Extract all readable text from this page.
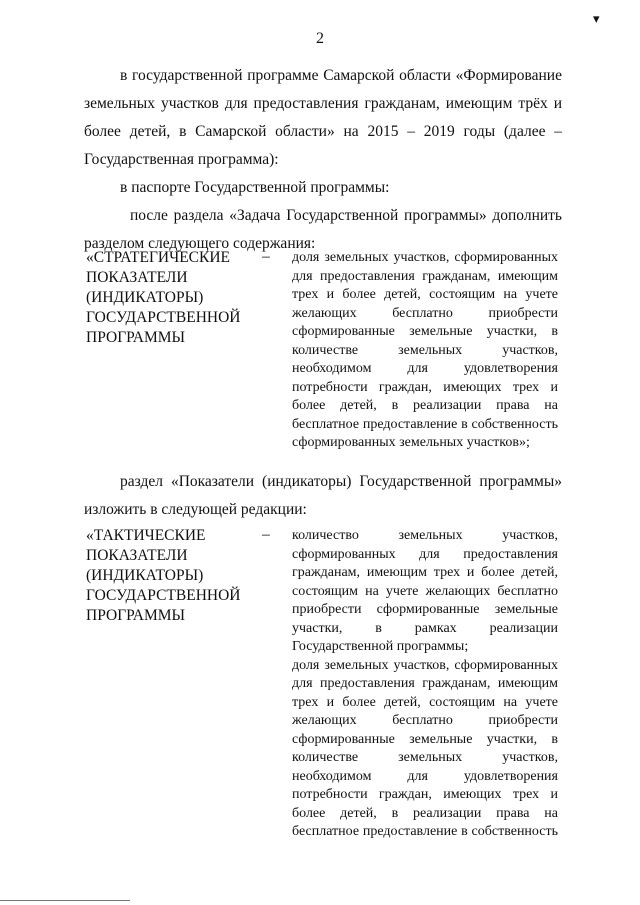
▾
2
в государственной программе Самарской области «Формирование земельных участков для предоставления гражданам, имеющим трёх и более детей, в Самарской области» на 2015 – 2019 годы (далее – Государственная программа):
в паспорте Государственной программы:
после раздела «Задача Государственной программы» дополнить разделом следующего содержания:
«СТРАТЕГИЧЕСКИЕ ПОКАЗАТЕЛИ (ИНДИКАТОРЫ) ГОСУДАРСТВЕННОЙ ПРОГРАММЫ
– доля земельных участков, сформированных для предоставления гражданам, имеющим трех и более детей, состоящим на учете желающих бесплатно приобрести сформированные земельные участки, в количестве земельных участков, необходимом для удовлетворения потребности граждан, имеющих трех и более детей, в реализации права на бесплатное предоставление в собственность сформированных земельных участков»;

раздел «Показатели (индикаторы) Государственной программы» изложить в следующей редакции:
«ТАКТИЧЕСКИЕ ПОКАЗАТЕЛИ (ИНДИКАТОРЫ) ГОСУДАРСТВЕННОЙ ПРОГРАММЫ
– количество земельных участков, сформированных для предоставления гражданам, имеющим трех и более детей, состоящим на учете желающих бесплатно приобрести сформированные земельные участки, в рамках реализации Государственной программы;

доля земельных участков, сформированных для предоставления гражданам, имеющим трех и более детей, состоящим на учете желающих бесплатно приобрести сформированные земельные участки, в количестве земельных участков, необходимом для удовлетворения потребности граждан, имеющих трех и более детей, в реализации права на бесплатное предоставление в собственность
